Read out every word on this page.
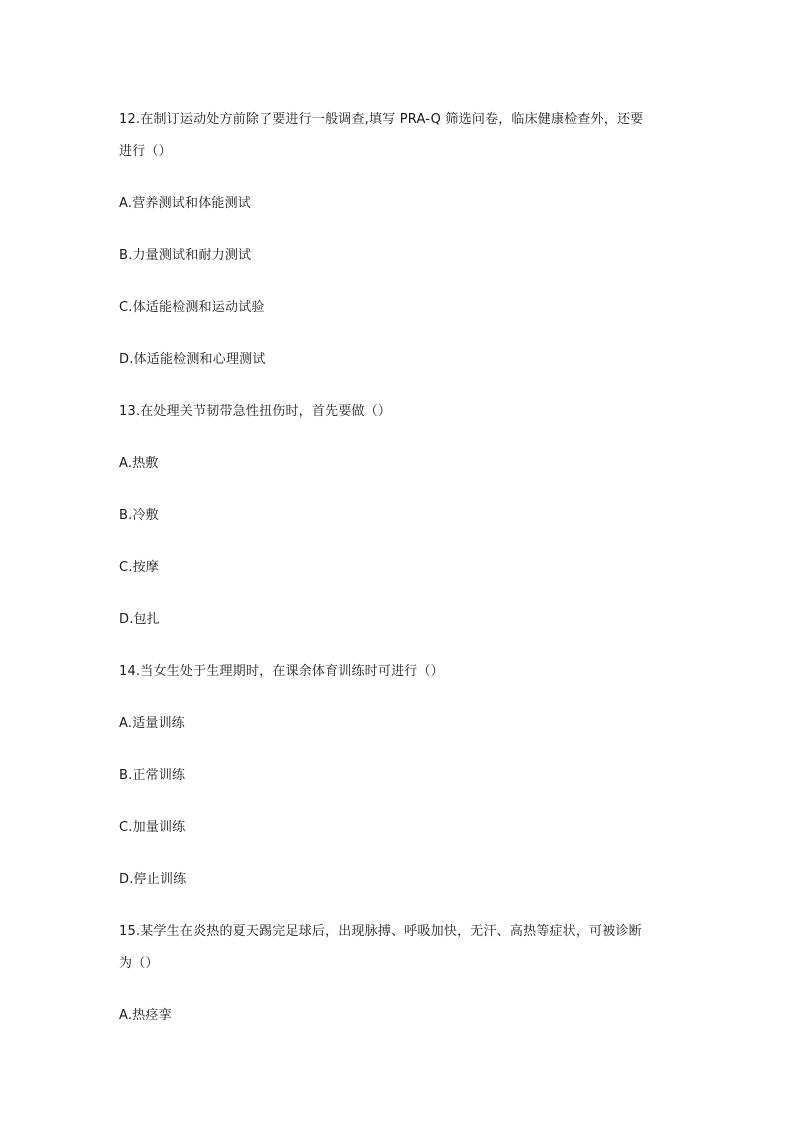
12.在制订运动处方前除了要进行一般调查,填写 PRA-Q 筛选问卷，临床健康检查外，还要
进行（）
A.营养测试和体能测试
B.力量测试和耐力测试
C.体适能检测和运动试验
D.体适能检测和心理测试
13.在处理关节韧带急性扭伤时，首先要做（）
A.热敷
B.冷敷
C.按摩
D.包扎
14.当女生处于生理期时，在课余体育训练时可进行（）
A.适量训练
B.正常训练
C.加量训练
D.停止训练
15.某学生在炎热的夏天踢完足球后，出现脉搏、呼吸加快，无汗、高热等症状，可被诊断
为（）
A.热痉挛
